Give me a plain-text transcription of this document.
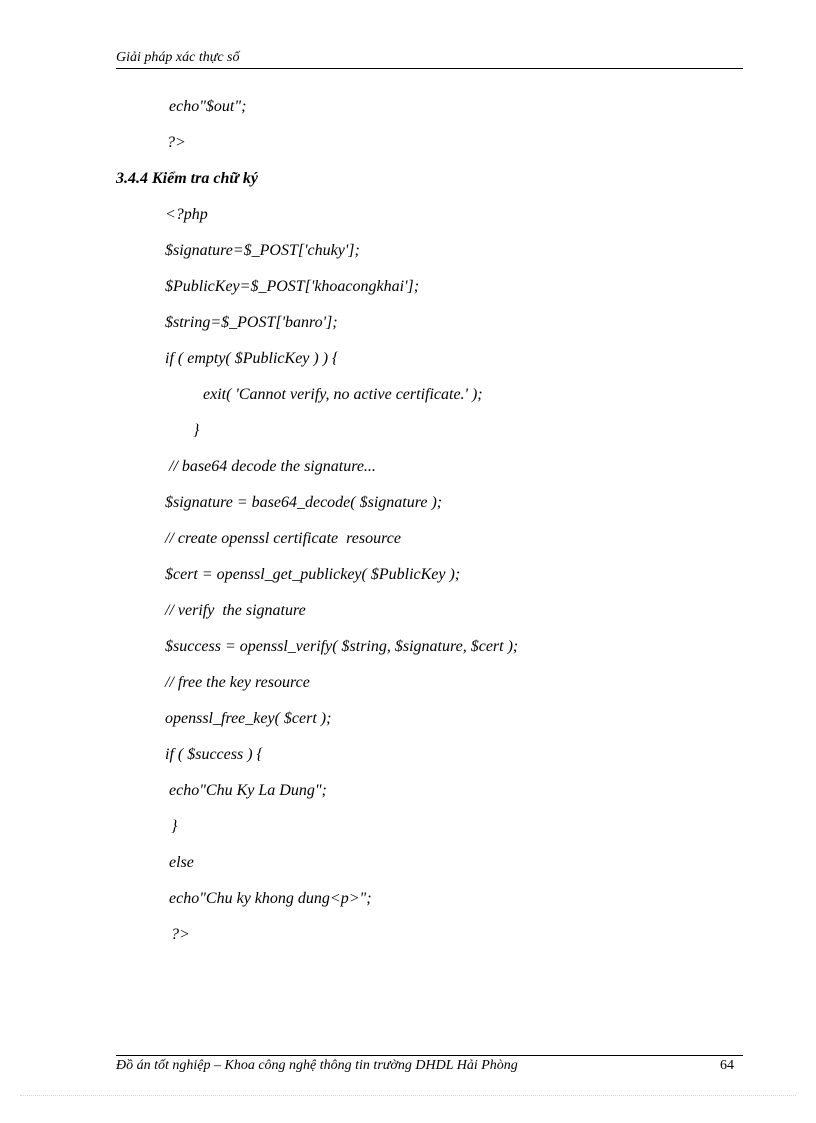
Giải pháp xác thực số
echo"$out";
?>
3.4.4 Kiểm tra chữ ký
<?php
$signature=$_POST['chuky'];
$PublicKey=$_POST['khoacongkhai'];
$string=$_POST['banro'];
if ( empty( $PublicKey ) ) {
exit( 'Cannot verify, no active certificate.' );
}
// base64 decode the signature...
$signature = base64_decode( $signature );
// create openssl certificate  resource
$cert = openssl_get_publickey( $PublicKey );
// verify  the signature
$success = openssl_verify( $string, $signature, $cert );
// free the key resource
openssl_free_key( $cert );
if ( $success ) {
echo"Chu Ky La Dung";
}
else
echo"Chu ky khong dung<p>";
?>
Đồ án tốt nghiệp – Khoa công nghệ thông tin trường DHDL Hải Phòng	64
